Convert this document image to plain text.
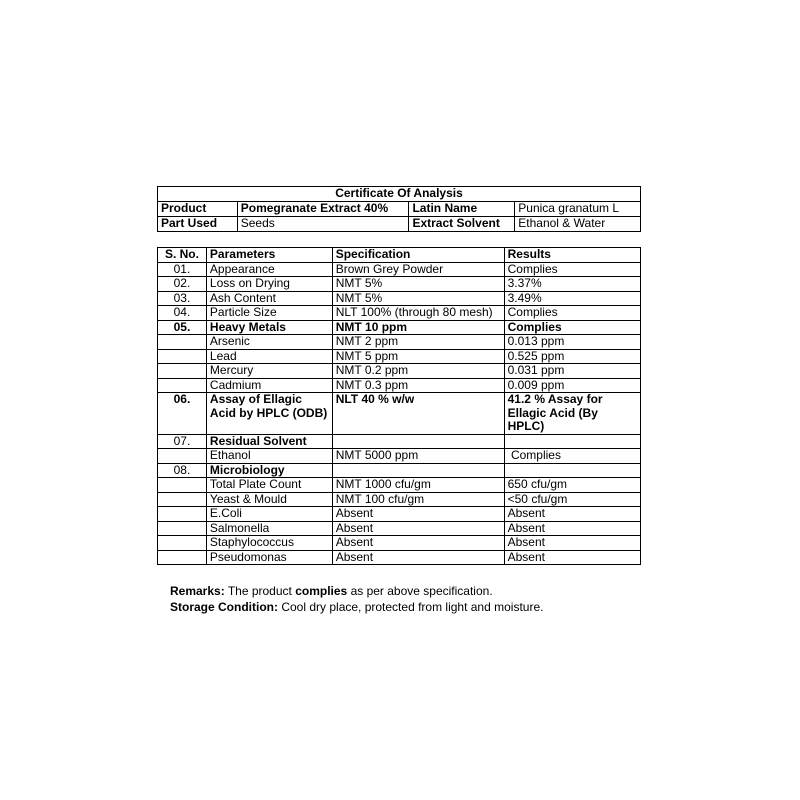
Certificate Of Analysis			
Product	Pomegranate Extract 40%	Latin Name	Punica granatum L
Part Used	Seeds	Extract Solvent	Ethanol & Water
S. No.	Parameters	Specification	Results
01.	Appearance	Brown Grey Powder	Complies
02.	Loss on Drying	NMT 5%	3.37%
03.	Ash Content	NMT 5%	3.49%
04.	Particle Size	NLT 100% (through 80 mesh)	Complies
05.	Heavy Metals	NMT 10 ppm	Complies
	Arsenic	NMT 2 ppm	0.013 ppm
	Lead	NMT 5 ppm	0.525 ppm
	Mercury	NMT 0.2 ppm	0.031 ppm
	Cadmium	NMT 0.3 ppm	0.009 ppm
06.	Assay of Ellagic Acid by HPLC (ODB)	NLT 40 % w/w	41.2 % Assay for Ellagic Acid (By HPLC)
07.	Residual Solvent		
	Ethanol	NMT 5000 ppm	Complies
08.	Microbiology		
	Total Plate Count	NMT 1000 cfu/gm	650 cfu/gm
	Yeast & Mould	NMT 100 cfu/gm	<50 cfu/gm
	E.Coli	Absent	Absent
	Salmonella	Absent	Absent
	Staphylococcus	Absent	Absent
	Pseudomonas	Absent	Absent
Remarks: The product complies as per above specification.
Storage Condition: Cool dry place, protected from light and moisture.
